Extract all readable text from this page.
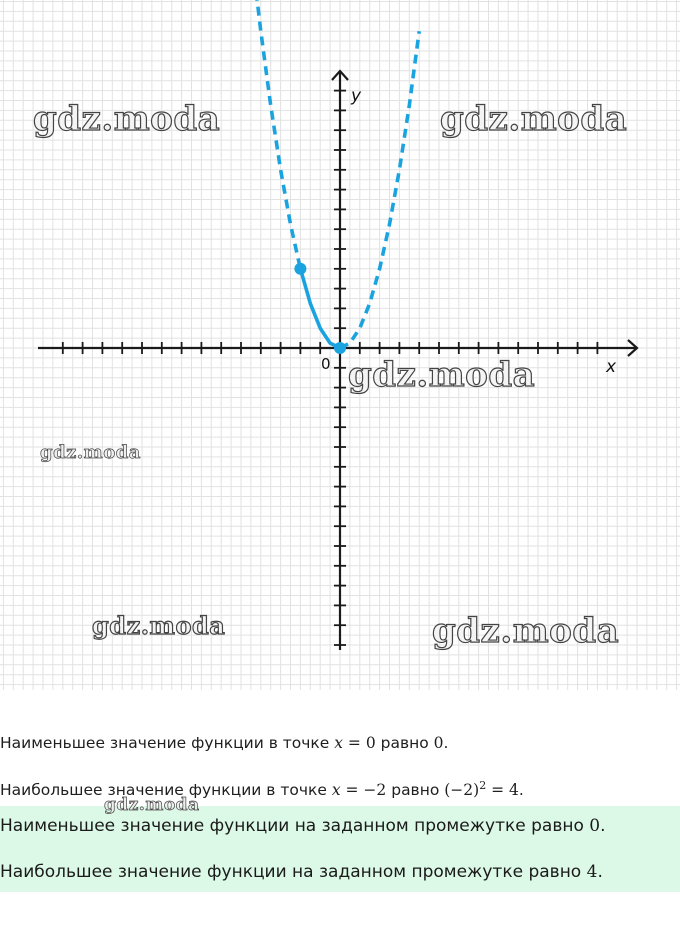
y
x
0
gdz.moda	gdz.moda
gdz.moda
gdz.moda
gdz.moda	gdz.moda
Наименьшее значение функции в точке x = 0 равно 0.
Наибольшее значение функции в точке x = −2 равно $(-2)^2 = 4$.
gdz.moda
Наименьшее значение функции на заданном промежутке равно 0.
Наибольшее значение функции на заданном промежутке равно 4.
